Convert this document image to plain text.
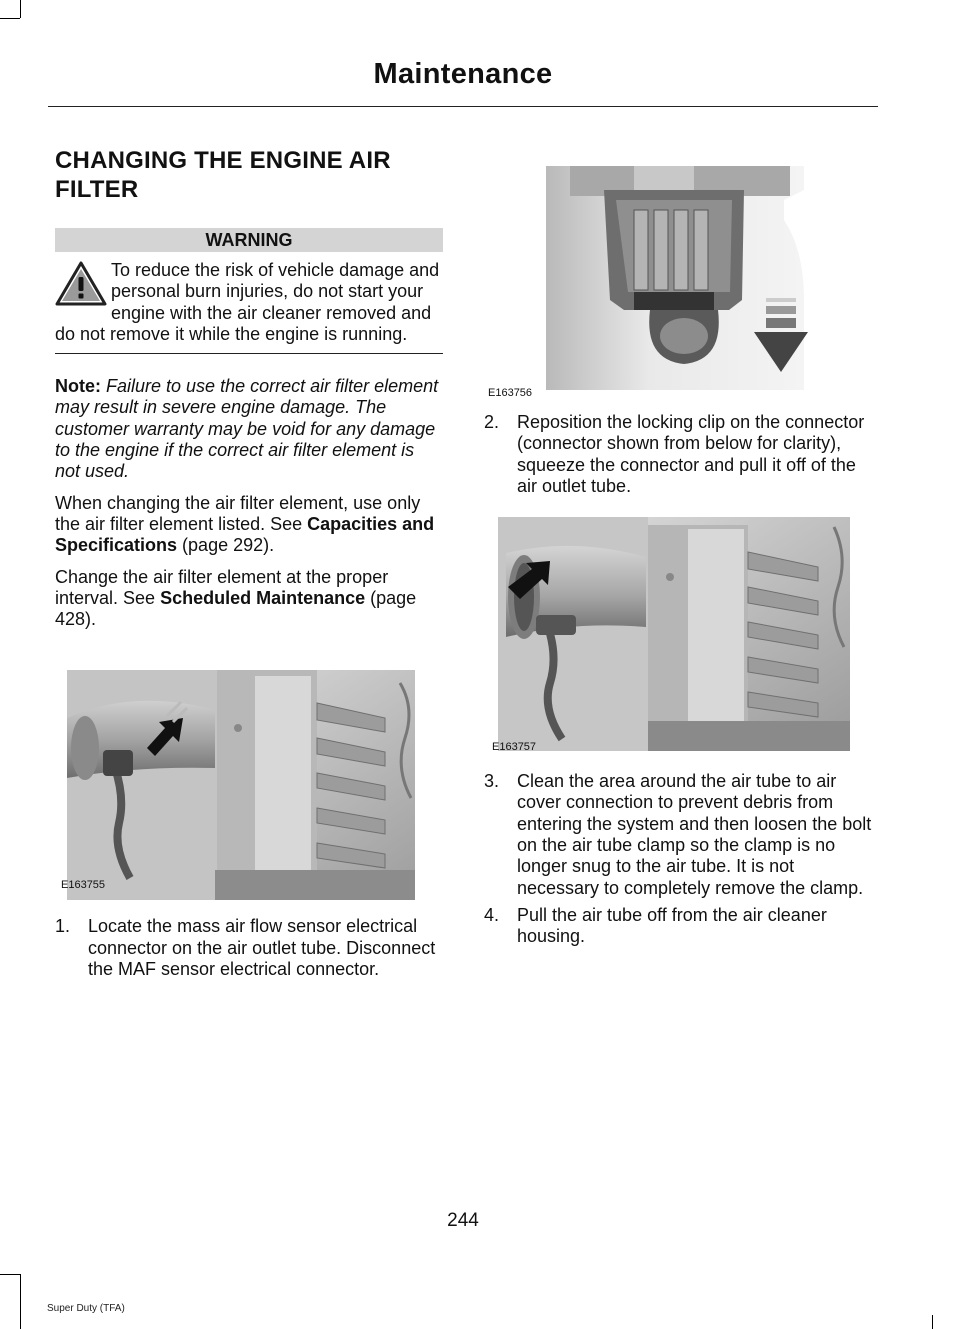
Maintenance
CHANGING THE ENGINE AIR FILTER
WARNING

To reduce the risk of vehicle damage and personal burn injuries, do not start your engine with the air cleaner removed and do not remove it while the engine is running.

Note: Failure to use the correct air filter element may result in severe engine damage. The customer warranty may be void for any damage to the engine if the correct air filter element is not used.
When changing the air filter element, use only the air filter element listed. See Capacities and Specifications (page 292).
Change the air filter element at the proper interval. See Scheduled Maintenance (page 428).
E163755
1. Locate the mass air flow sensor electrical connector on the air outlet tube. Disconnect the MAF sensor electrical connector.
E163756
2. Reposition the locking clip on the connector (connector shown from below for clarity), squeeze the connector and pull it off of the air outlet tube.
E163757
3. Clean the area around the air tube to air cover connection to prevent debris from entering the system and then loosen the bolt on the air tube clamp so the clamp is no longer snug to the air tube. It is not necessary to completely remove the clamp.
4. Pull the air tube off from the air cleaner housing.
244
Super Duty (TFA)
